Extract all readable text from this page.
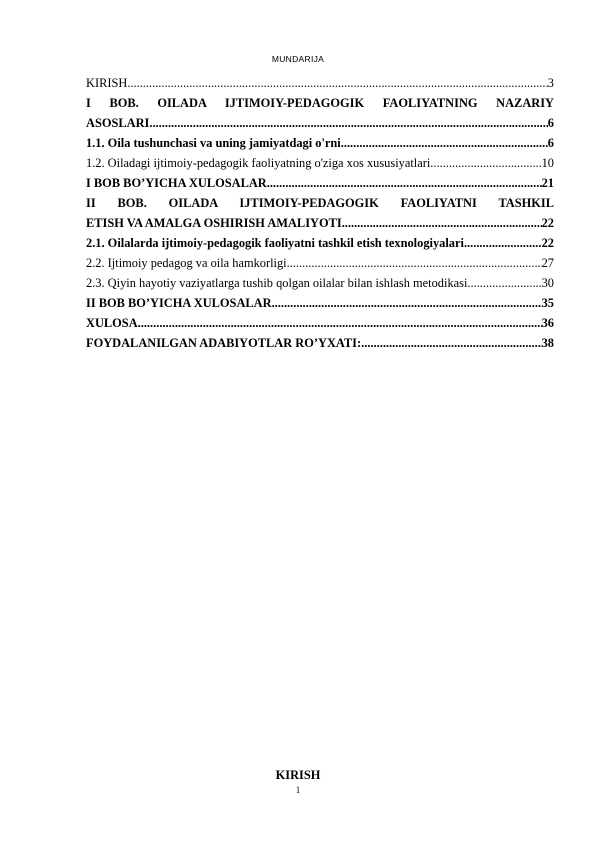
MUNDARIJA
KIRISH .....	3
I BOB. OILADA IJTIMOIY-PEDAGOGIK FAOLIYATNING NAZARIY
ASOSLARI .....	6
1.1. Oila tushunchasi va uning jamiyatdagi o'rni .....	6
1.2. Oiladagi ijtimoiy-pedagogik faoliyatning o'ziga xos xususiyatlari .....	10
I BOB BO’YICHA XULOSALAR .....	21
II BOB. OILADA IJTIMOIY-PEDAGOGIK FAOLIYATNI TASHKIL
ETISH VA AMALGA OSHIRISH AMALIYOTI .....	22
2.1. Oilalarda ijtimoiy-pedagogik faoliyatni tashkil etish texnologiyalari .....	22
2.2. Ijtimoiy pedagog va oila hamkorligi .....	27
2.3. Qiyin hayotiy vaziyatlarga tushib qolgan oilalar bilan ishlash metodikasi .....	30
II BOB BO’YICHA XULOSALAR .....	35
XULOSA .....	36
FOYDALANILGAN ADABIYOTLAR RO’YXATI: .....	38
KIRISH
1
